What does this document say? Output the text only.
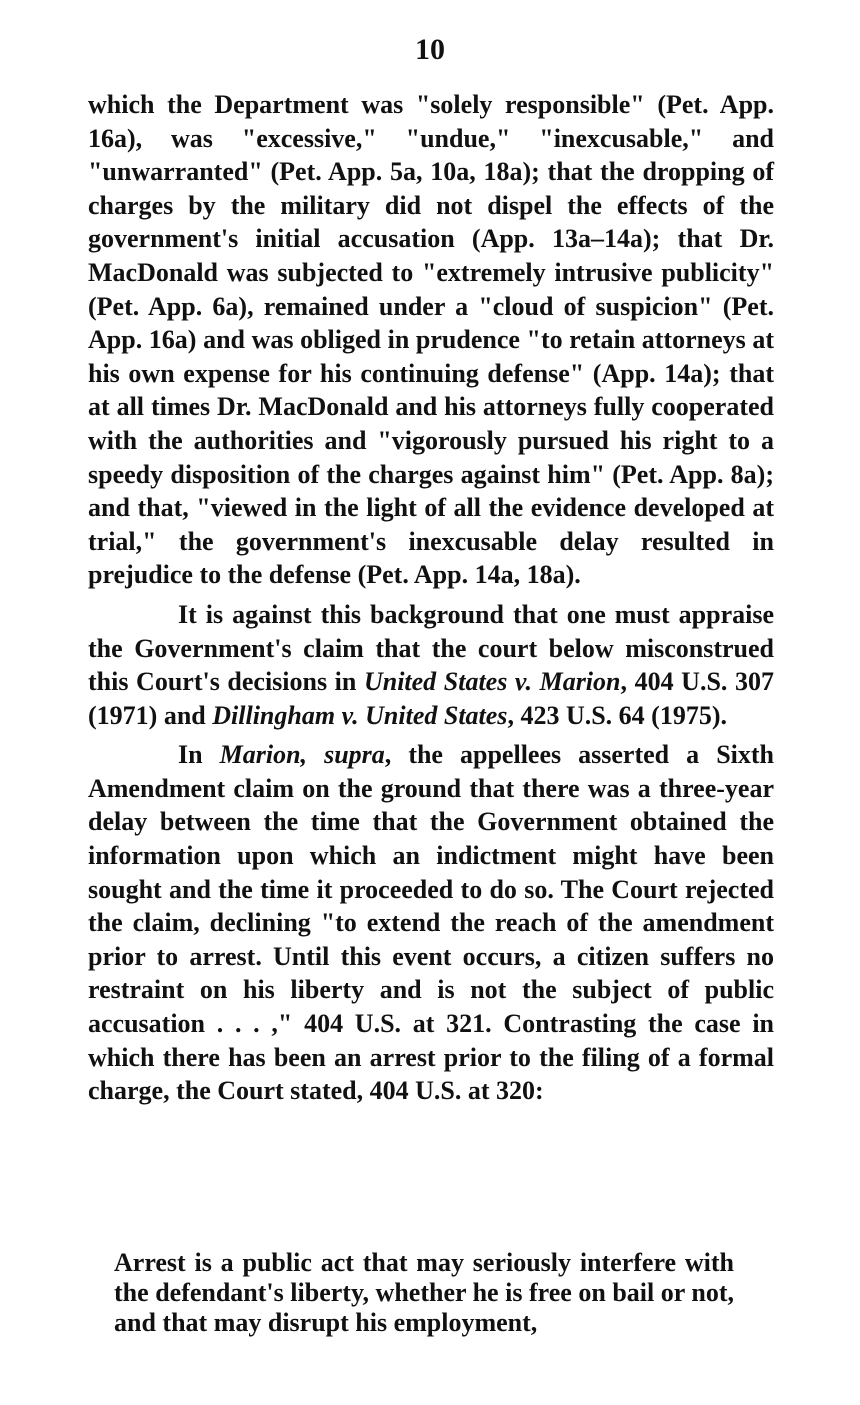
10

which the Department was "solely responsible" (Pet. App. 16a), was "excessive," "undue," "inexcusable," and "unwarranted" (Pet. App. 5a, 10a, 18a); that the dropping of charges by the military did not dispel the effects of the government's initial accusation (App. 13a–14a); that Dr. MacDonald was subjected to "extremely intrusive publicity" (Pet. App. 6a), remained under a "cloud of suspicion" (Pet. App. 16a) and was obliged in prudence "to retain attorneys at his own expense for his continuing defense" (App. 14a); that at all times Dr. MacDonald and his attorneys fully cooperated with the authorities and "vigorously pursued his right to a speedy disposition of the charges against him" (Pet. App. 8a); and that, "viewed in the light of all the evidence developed at trial," the government's inexcusable delay resulted in prejudice to the defense (Pet. App. 14a, 18a).

It is against this background that one must appraise the Government's claim that the court below misconstrued this Court's decisions in United States v. Marion, 404 U.S. 307 (1971) and Dillingham v. United States, 423 U.S. 64 (1975).

In Marion, supra, the appellees asserted a Sixth Amendment claim on the ground that there was a three-year delay between the time that the Government obtained the information upon which an indictment might have been sought and the time it proceeded to do so. The Court rejected the claim, declining "to extend the reach of the amendment prior to arrest. Until this event occurs, a citizen suffers no restraint on his liberty and is not the subject of public accusation . . . ," 404 U.S. at 321. Contrasting the case in which there has been an arrest prior to the filing of a formal charge, the Court stated, 404 U.S. at 320:

Arrest is a public act that may seriously interfere with the defendant's liberty, whether he is free on bail or not, and that may disrupt his employment,
